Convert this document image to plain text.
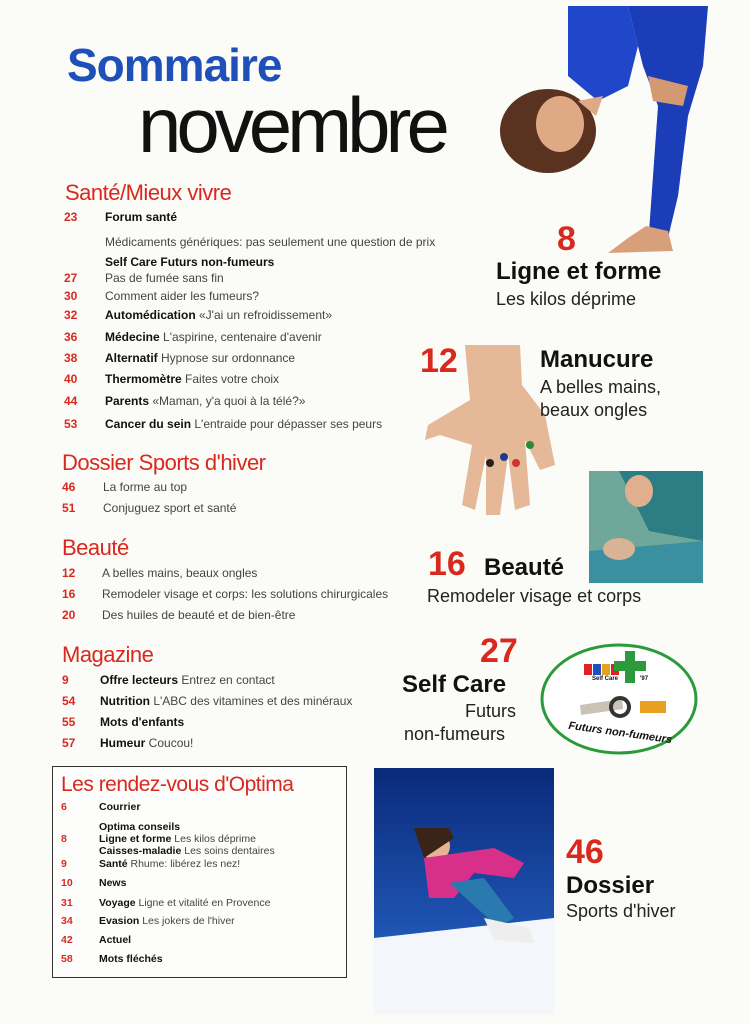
Sommaire
novembre
Santé/Mieux vivre
23 Forum santé
Médicaments génériques: pas seulement une question de prix
Self Care Futurs non-fumeurs
27 Pas de fumée sans fin
30 Comment aider les fumeurs?
32 Automédication «J'ai un refroidissement»
36 Médecine L'aspirine, centenaire d'avenir
38 Alternatif Hypnose sur ordonnance
40 Thermomètre Faites votre choix
44 Parents «Maman, y'a quoi à la télé?»
53 Cancer du sein L'entraide pour dépasser ses peurs
Dossier Sports d'hiver
46 La forme au top
51 Conjuguez sport et santé
Beauté
12 A belles mains, beaux ongles
16 Remodeler visage et corps: les solutions chirurgicales
20 Des huiles de beauté et de bien-être
Magazine
9	Offre lecteurs Entrez en contact
54 Nutrition L'ABC des vitamines et des minéraux
55 Mots d'enfants
57 Humeur Coucou!
Les rendez-vous d'Optima
6	Courrier
Optima conseils
8	Ligne et forme Les kilos déprime
Caisses-maladie Les soins dentaires
9	Santé Rhume: libérez les nez!
10	News
31	Voyage Ligne et vitalité en Provence
34	Evasion Les jokers de l'hiver
42	Actuel
58	Mots fléchés
8
Ligne et forme
Les kilos déprime
12	Manucure
A belles mains,
beaux ongles
16 Beauté
Remodeler visage et corps
27
Self Care
Futurs
non-fumeurs
Self Care	'97
Futurs non-fumeurs
46
Dossier
Sports d'hiver
